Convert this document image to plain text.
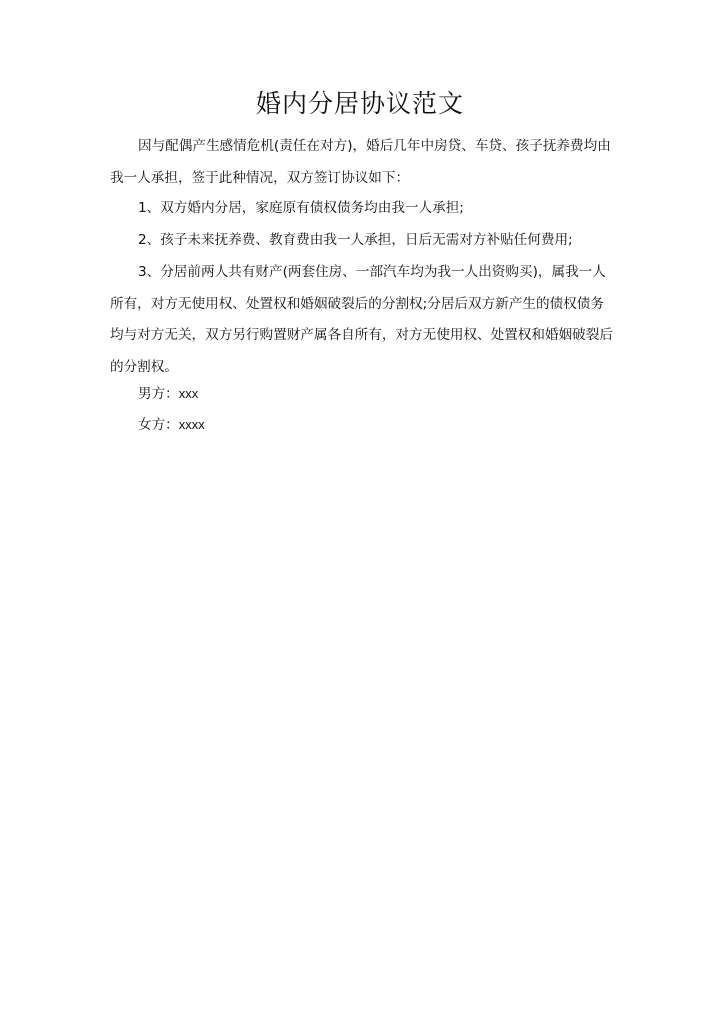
婚内分居协议范文

因与配偶产生感情危机(责任在对方)，婚后几年中房贷、车贷、孩子抚养费均由我一人承担，签于此种情况，双方签订协议如下：

1、双方婚内分居，家庭原有债权债务均由我一人承担;

2、孩子未来抚养费、教育费由我一人承担，日后无需对方补贴任何费用;

3、分居前两人共有财产(两套住房、一部汽车均为我一人出资购买)，属我一人所有，对方无使用权、处置权和婚姻破裂后的分割权;分居后双方新产生的债权债务均与对方无关，双方另行购置财产属各自所有，对方无使用权、处置权和婚姻破裂后的分割权。

男方：xxx

女方：xxxx
